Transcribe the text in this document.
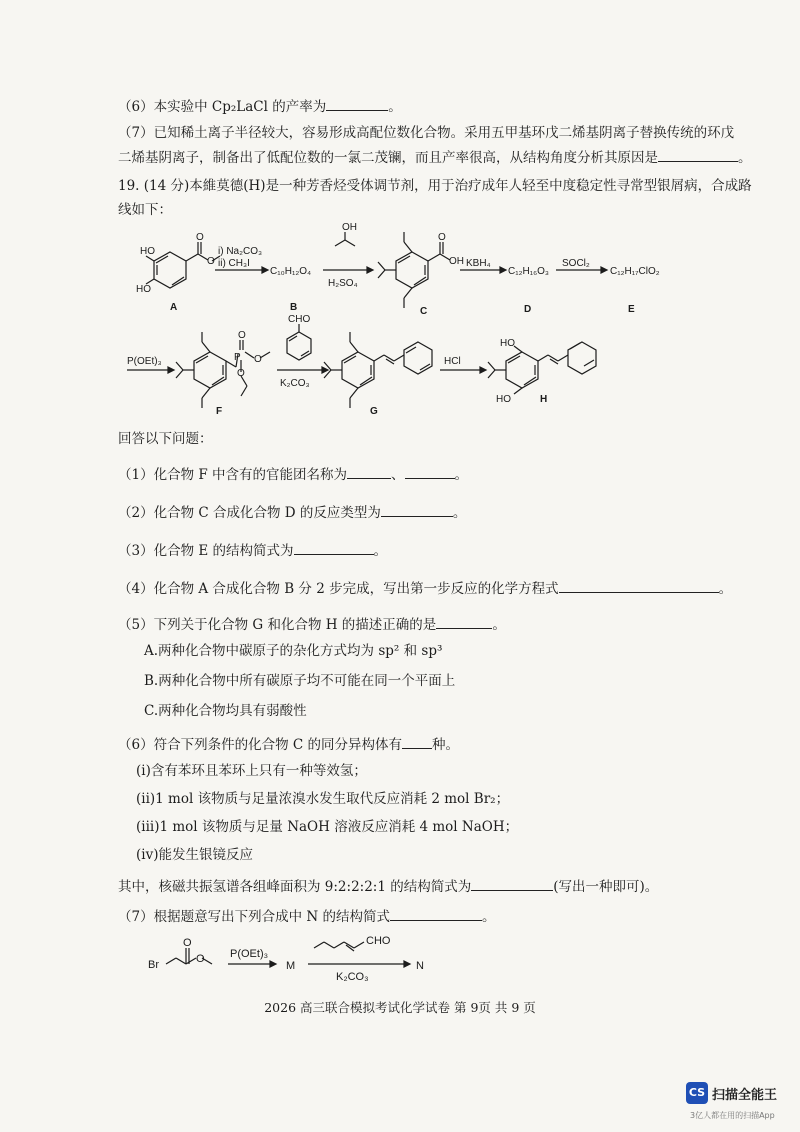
（6）本实验中 Cp₂LaCl 的产率为	。
（7）已知稀土离子半径较大，容易形成高配位数化合物。采用五甲基环戊二烯基阴离子替换传统的环戊
二烯基阴离子，制备出了低配位数的一氯二茂镧，而且产率很高，从结构角度分析其原因是	。
19. (14 分)本維莫德(H)是一种芳香烃受体调节剂，用于治疗成年人轻至中度稳定性寻常型银屑病，合成路
线如下：
HO
HO
O
O
A
i) Na₂CO₃
ii) CH₃I
C₁₀H₁₂O₄
B
OH
H₂SO₄
O
OH
C
KBH₄
C₁₂H₁₆O₃
D
SOCl₂
C₁₂H₁₇ClO₂
E
P(OEt)₃	P
O
O
O
F
CHO
K₂CO₃
G
HCl
HO
HO	H
回答以下问题：
（1）化合物 F 中含有的官能团名称为	、	。
（2）化合物 C 合成化合物 D 的反应类型为	。
（3）化合物 E 的结构简式为	。
（4）化合物 A 合成化合物 B 分 2 步完成，写出第一步反应的化学方程式	。
（5）下列关于化合物 G 和化合物 H 的描述正确的是	。
A.两种化合物中碳原子的杂化方式均为 sp² 和 sp³
B.两种化合物中所有碳原子均不可能在同一个平面上
C.两种化合物均具有弱酸性
（6）符合下列条件的化合物 C 的同分异构体有 种。
(i)含有苯环且苯环上只有一种等效氢；
(ii)1 mol 该物质与足量浓溴水发生取代反应消耗 2 mol Br₂；
(iii)1 mol 该物质与足量 NaOH 溶液反应消耗 4 mol NaOH；
(iv)能发生银镜反应
其中，核磁共振氢谱各组峰面积为 9:2:2:2:1 的结构简式为	(写出一种即可)。
（7）根据题意写出下列合成中 N 的结构简式	。
Br
O
O P(OEt)₃
M
CHO
K₂CO₃
N
2026 高三联合模拟考试化学试卷 第 9页 共 9 页
CS 扫描全能王
3亿人都在用的扫描App
